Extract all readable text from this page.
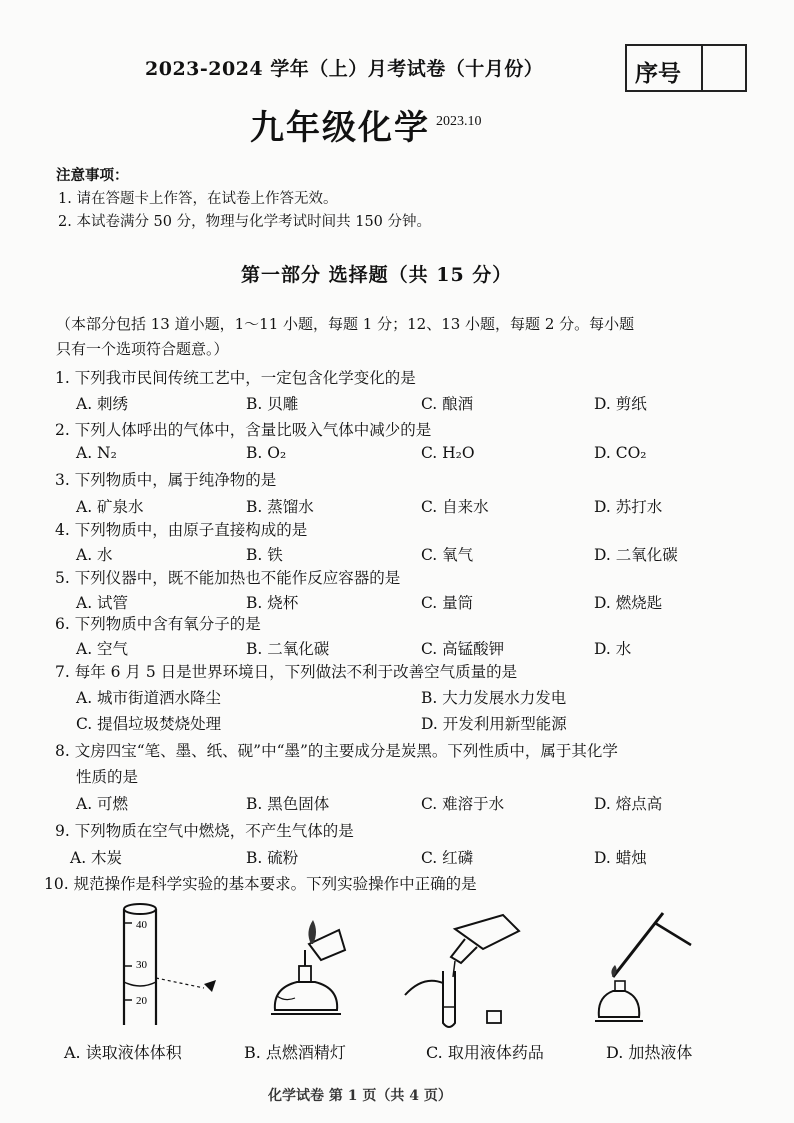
2023-2024 学年（上）月考试卷（十月份）	序号
九年级化学 2023.10
注意事项：
1. 请在答题卡上作答，在试卷上作答无效。
2. 本试卷满分 50 分，物理与化学考试时间共 150 分钟。
第一部分 选择题（共 15 分）
（本部分包括 13 道小题，1～11 小题，每题 1 分；12、13 小题，每题 2 分。每小题
只有一个选项符合题意。）
1. 下列我市民间传统工艺中，一定包含化学变化的是
A. 刺绣	B. 贝雕	C. 酿酒	D. 剪纸
2. 下列人体呼出的气体中，含量比吸入气体中减少的是
A. N₂	B. O₂	C. H₂O	D. CO₂
3. 下列物质中，属于纯净物的是
A. 矿泉水	B. 蒸馏水	C. 自来水	D. 苏打水
4. 下列物质中，由原子直接构成的是
A. 水	B. 铁	C. 氧气	D. 二氧化碳
5. 下列仪器中，既不能加热也不能作反应容器的是
A. 试管	B. 烧杯	C. 量筒	D. 燃烧匙
6. 下列物质中含有氧分子的是
A. 空气	B. 二氧化碳	C. 高锰酸钾	D. 水
7. 每年 6 月 5 日是世界环境日，下列做法不利于改善空气质量的是
A. 城市街道洒水降尘	B. 大力发展水力发电
C. 提倡垃圾焚烧处理	D. 开发利用新型能源
8. 文房四宝“笔、墨、纸、砚”中“墨”的主要成分是炭黑。下列性质中，属于其化学
性质的是
A. 可燃	B. 黑色固体	C. 难溶于水	D. 熔点高
9. 下列物质在空气中燃烧，不产生气体的是
A. 木炭	B. 硫粉	C. 红磷	D. 蜡烛
10. 规范操作是科学实验的基本要求。下列实验操作中正确的是
40
30
20
A. 读取液体体积	B. 点燃酒精灯	C. 取用液体药品	D. 加热液体
化学试卷 第 1 页（共 4 页）
